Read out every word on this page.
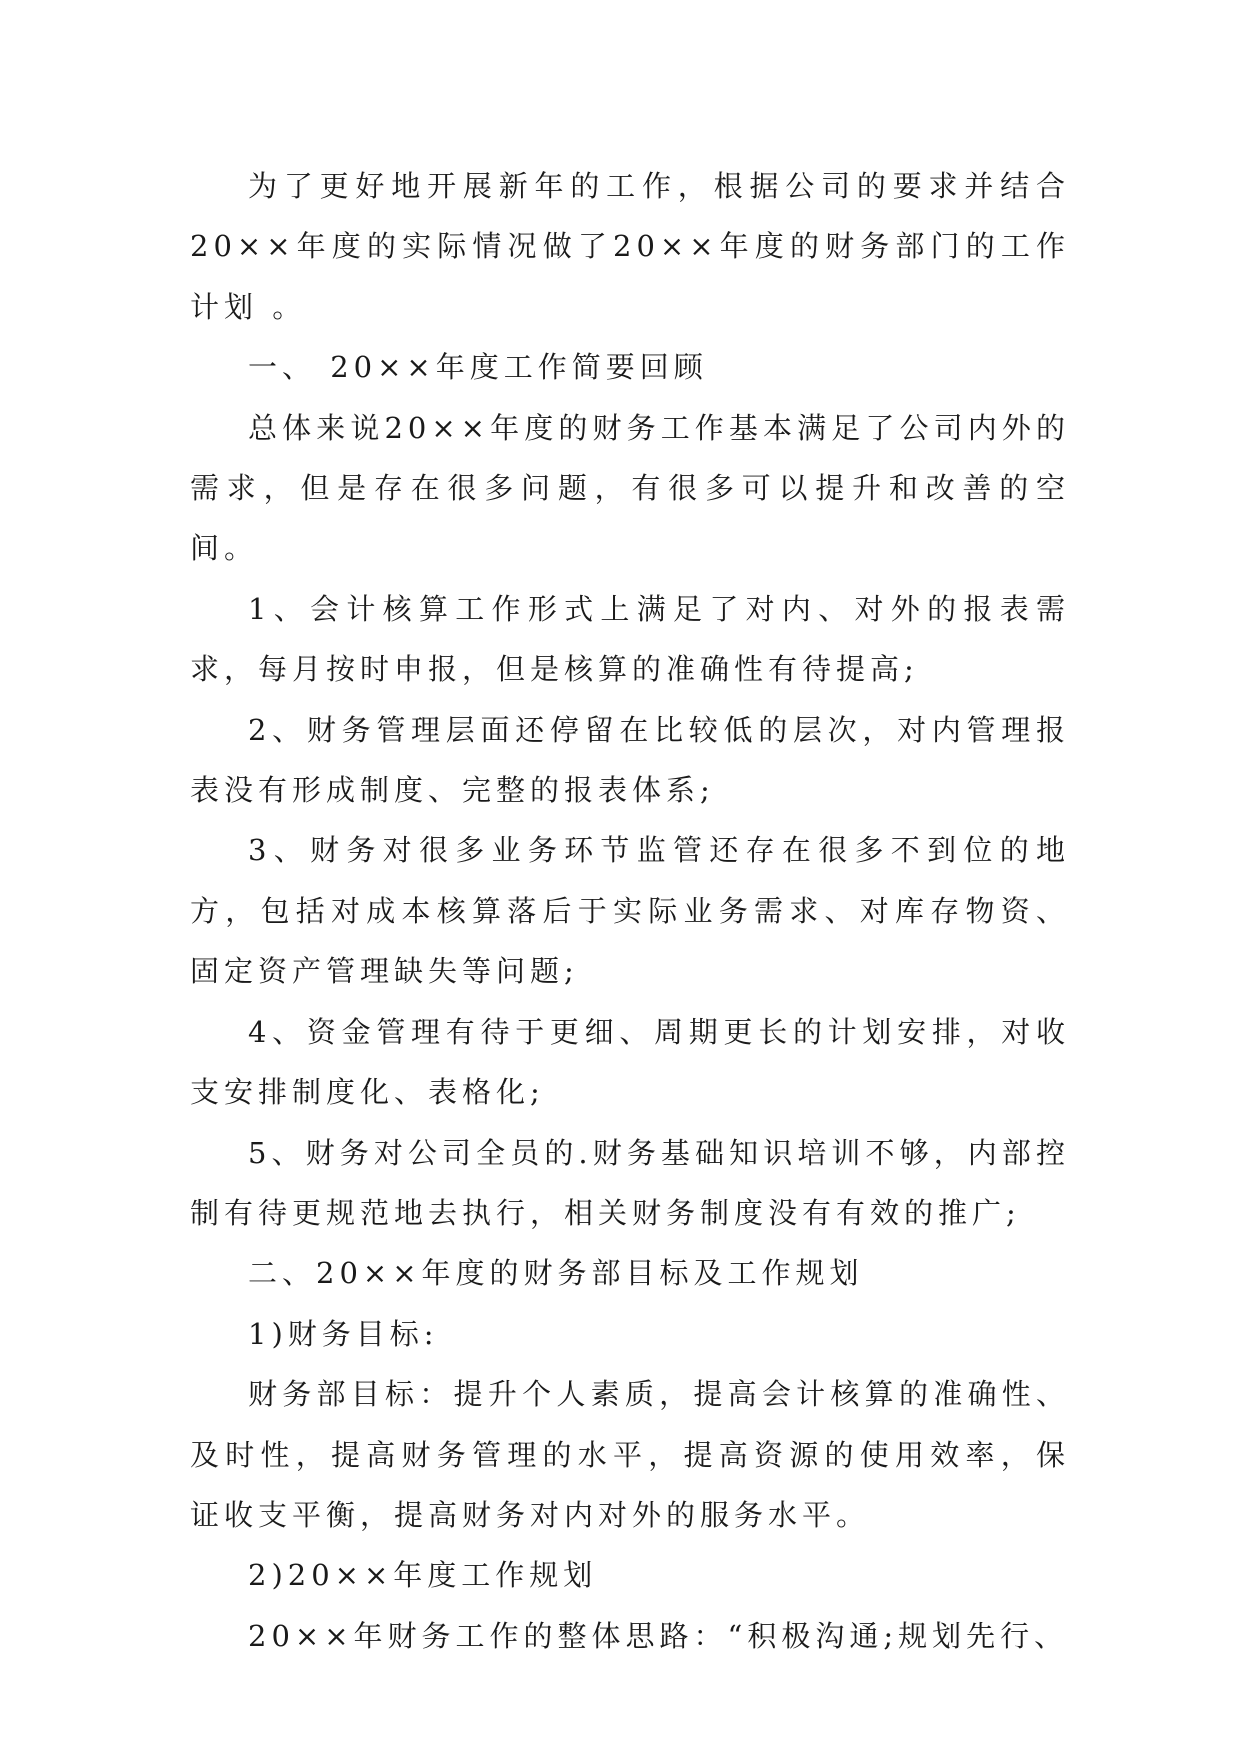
为了更好地开展新年的工作，根据公司的要求并结合20××年度的实际情况做了20××年度的财务部门的工作计划 。

一、 20××年度工作简要回顾

总体来说20××年度的财务工作基本满足了公司内外的需求，但是存在很多问题，有很多可以提升和改善的空间。

1、会计核算工作形式上满足了对内、对外的报表需求，每月按时申报，但是核算的准确性有待提高;

2、财务管理层面还停留在比较低的层次，对内管理报表没有形成制度、完整的报表体系;

3、财务对很多业务环节监管还存在很多不到位的地方，包括对成本核算落后于实际业务需求、对库存物资、固定资产管理缺失等问题;

4、资金管理有待于更细、周期更长的计划安排，对收支安排制度化、表格化;

5、财务对公司全员的.财务基础知识培训不够，内部控制有待更规范地去执行，相关财务制度没有有效的推广;

二、20××年度的财务部目标及工作规划

1)财务目标:

财务部目标：提升个人素质，提高会计核算的准确性、及时性，提高财务管理的水平，提高资源的使用效率，保证收支平衡，提高财务对内对外的服务水平。

2)20××年度工作规划

20××年财务工作的整体思路：“积极沟通;规划先行、
